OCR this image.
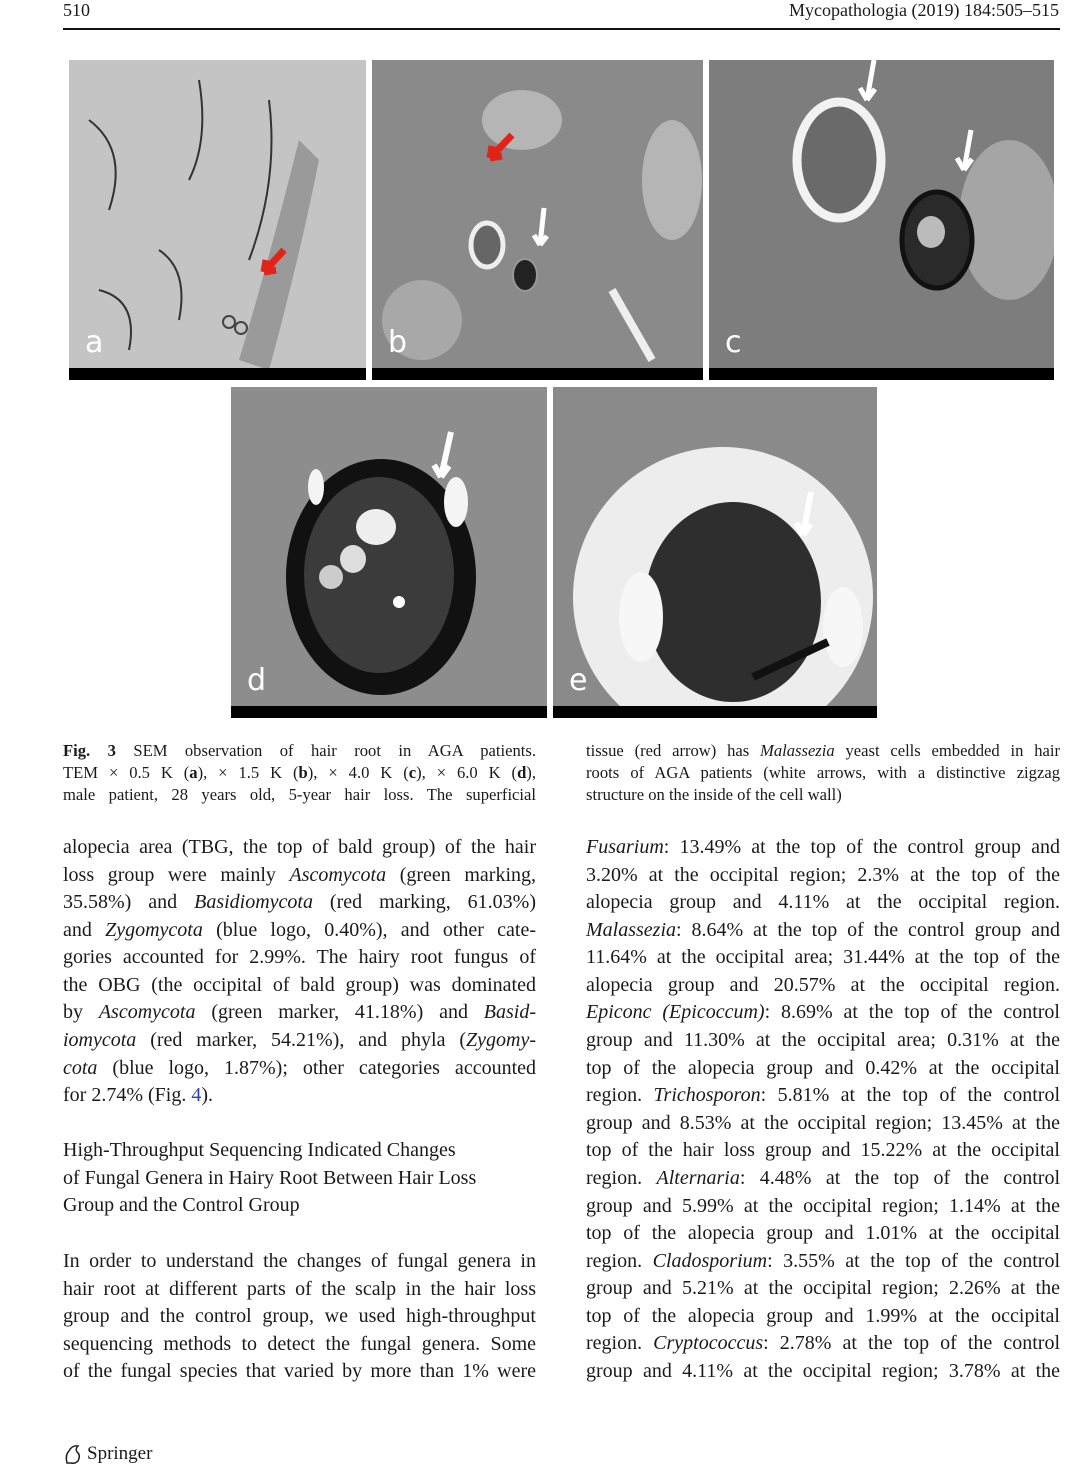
510	Mycopathologia (2019) 184:505–515
a	b	c
d	e
Fig. 3 SEM observation of hair root in AGA patients.
TEM × 0.5 K (a), × 1.5 K (b), × 4.0 K (c), × 6.0 K (d),
male patient, 28 years old, 5-year hair loss. The superficial
tissue (red arrow) has Malassezia yeast cells embedded in hair
roots of AGA patients (white arrows, with a distinctive zigzag
structure on the inside of the cell wall)
alopecia area (TBG, the top of bald group) of the hair
loss group were mainly Ascomycota (green marking,
35.58%) and Basidiomycota (red marking, 61.03%)
and Zygomycota (blue logo, 0.40%), and other cate-
gories accounted for 2.99%. The hairy root fungus of
the OBG (the occipital of bald group) was dominated
by Ascomycota (green marker, 41.18%) and Basid-
iomycota (red marker, 54.21%), and phyla (Zygomy-
cota (blue logo, 1.87%); other categories accounted
for 2.74% (Fig. 4).
High-Throughput Sequencing Indicated Changes
of Fungal Genera in Hairy Root Between Hair Loss
Group and the Control Group
In order to understand the changes of fungal genera in
hair root at different parts of the scalp in the hair loss
group and the control group, we used high-throughput
sequencing methods to detect the fungal genera. Some
of the fungal species that varied by more than 1% were
Fusarium: 13.49% at the top of the control group and
3.20% at the occipital region; 2.3% at the top of the
alopecia group and 4.11% at the occipital region.
Malassezia: 8.64% at the top of the control group and
11.64% at the occipital area; 31.44% at the top of the
alopecia group and 20.57% at the occipital region.
Epiconc (Epicoccum): 8.69% at the top of the control
group and 11.30% at the occipital area; 0.31% at the
top of the alopecia group and 0.42% at the occipital
region. Trichosporon: 5.81% at the top of the control
group and 8.53% at the occipital region; 13.45% at the
top of the hair loss group and 15.22% at the occipital
region. Alternaria: 4.48% at the top of the control
group and 5.99% at the occipital region; 1.14% at the
top of the alopecia group and 1.01% at the occipital
region. Cladosporium: 3.55% at the top of the control
group and 5.21% at the occipital region; 2.26% at the
top of the alopecia group and 1.99% at the occipital
region. Cryptococcus: 2.78% at the top of the control
group and 4.11% at the occipital region; 3.78% at the
Springer
